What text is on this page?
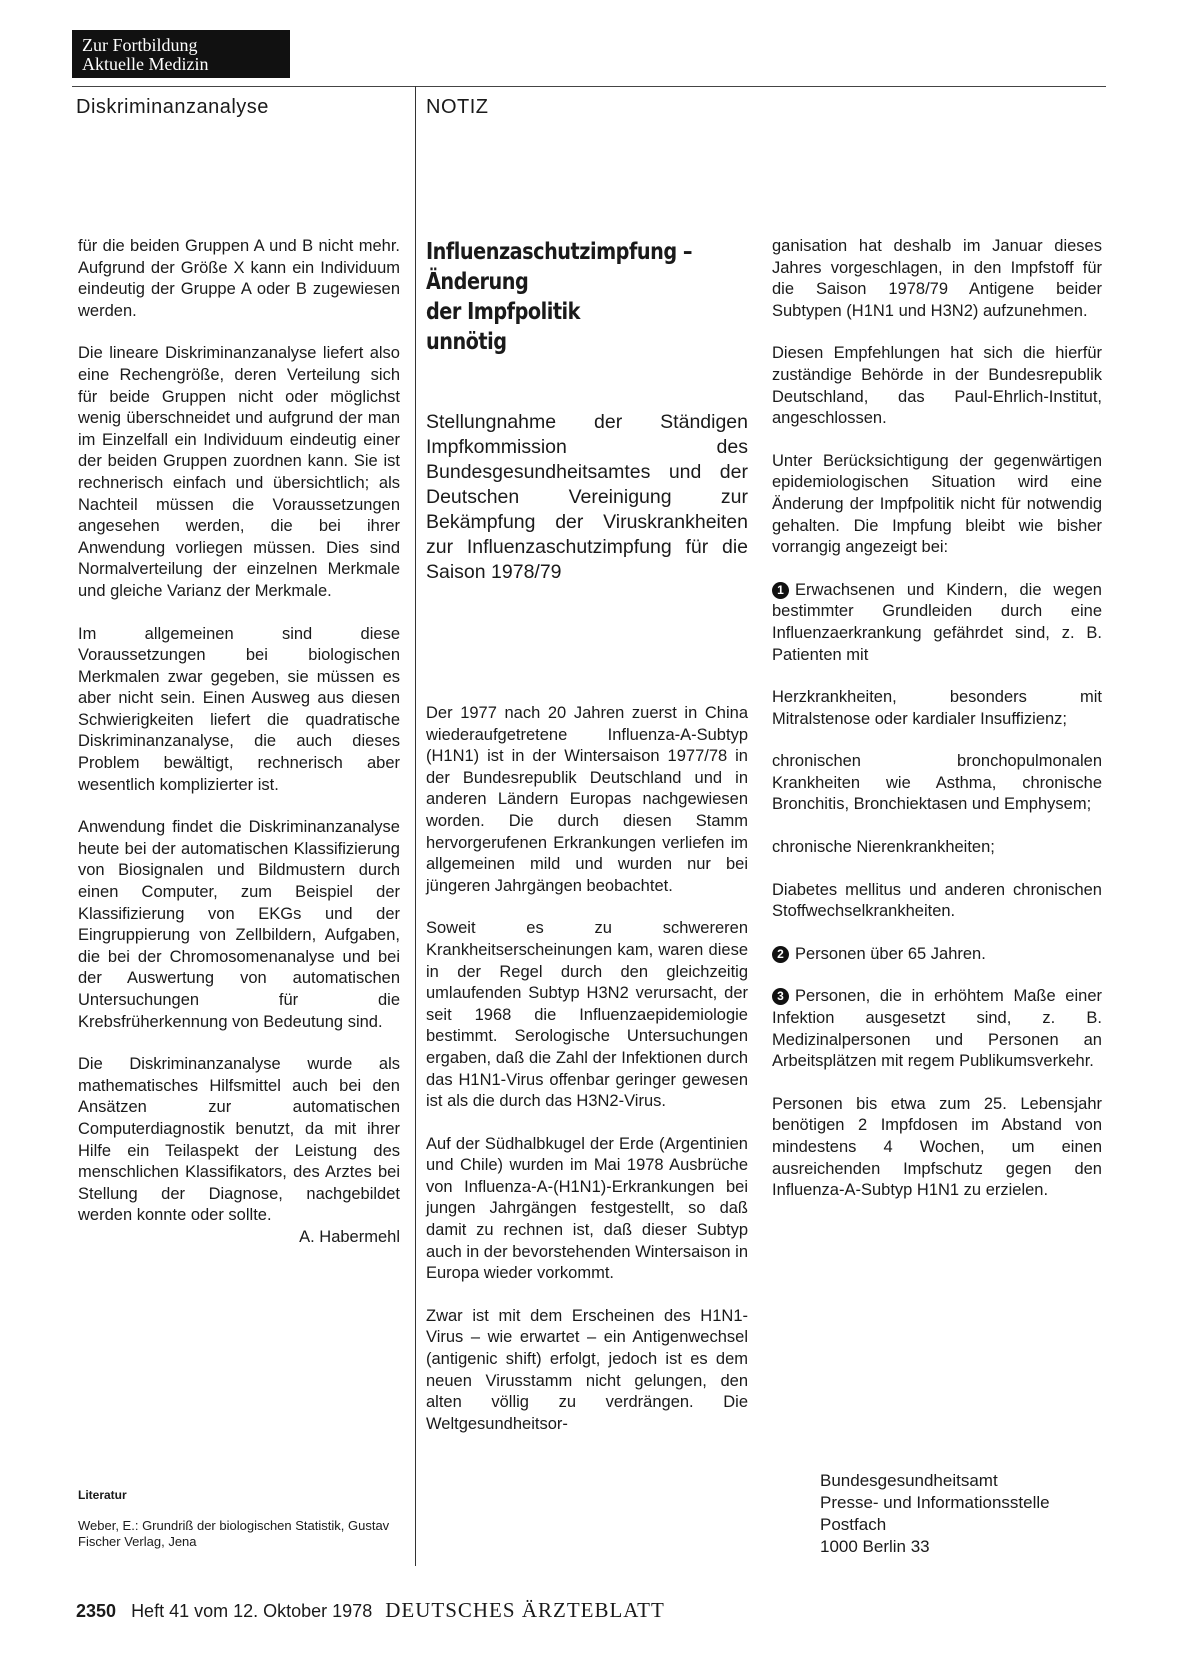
Zur Fortbildung
Aktuelle Medizin
Diskriminanzanalyse	NOTIZ

für die beiden Gruppen A und B nicht mehr. Aufgrund der Größe X kann ein Individuum eindeutig der Gruppe A oder B zugewiesen werden.

Die lineare Diskriminanzanalyse liefert also eine Rechengröße, deren Verteilung sich für beide Gruppen nicht oder möglichst wenig überschneidet und aufgrund der man im Einzelfall ein Individuum eindeutig einer der beiden Gruppen zuordnen kann. Sie ist rechnerisch einfach und übersichtlich; als Nachteil müssen die Voraussetzungen angesehen werden, die bei ihrer Anwendung vorliegen müssen. Dies sind Normalverteilung der einzelnen Merkmale und gleiche Varianz der Merkmale.

Im allgemeinen sind diese Voraussetzungen bei biologischen Merkmalen zwar gegeben, sie müssen es aber nicht sein. Einen Ausweg aus diesen Schwierigkeiten liefert die quadratische Diskriminanzanalyse, die auch dieses Problem bewältigt, rechnerisch aber wesentlich komplizierter ist.

Anwendung findet die Diskriminanzanalyse heute bei der automatischen Klassifizierung von Biosignalen und Bildmustern durch einen Computer, zum Beispiel der Klassifizierung von EKGs und der Eingruppierung von Zellbildern, Aufgaben, die bei der Chromosomenanalyse und bei der Auswertung von automatischen Untersuchungen für die Krebsfrüherkennung von Bedeutung sind.

Die Diskriminanzanalyse wurde als mathematisches Hilfsmittel auch bei den Ansätzen zur automatischen Computerdiagnostik benutzt, da mit ihrer Hilfe ein Teilaspekt der Leistung des menschlichen Klassifikators, des Arztes bei Stellung der Diagnose, nachgebildet werden konnte oder sollte.

A. Habermehl
Literatur
Weber, E.: Grundriß der biologischen Statistik, Gustav Fischer Verlag, Jena
Influenzaschutzimpfung –
Änderung
der Impfpolitik
unnötig
Stellungnahme der Ständigen Impfkommission des Bundesgesundheitsamtes und der Deutschen Vereinigung zur Bekämpfung der Viruskrankheiten zur Influenzaschutzimpfung für die Saison 1978/79

Der 1977 nach 20 Jahren zuerst in China wiederaufgetretene Influenza-A-Subtyp (H1N1) ist in der Wintersaison 1977/78 in der Bundesrepublik Deutschland und in anderen Ländern Europas nachgewiesen worden. Die durch diesen Stamm hervorgerufenen Erkrankungen verliefen im allgemeinen mild und wurden nur bei jüngeren Jahrgängen beobachtet.

Soweit es zu schwereren Krankheitserscheinungen kam, waren diese in der Regel durch den gleichzeitig umlaufenden Subtyp H3N2 verursacht, der seit 1968 die Influenzaepidemiologie bestimmt. Serologische Untersuchungen ergaben, daß die Zahl der Infektionen durch das H1N1-Virus offenbar geringer gewesen ist als die durch das H3N2-Virus.

Auf der Südhalbkugel der Erde (Argentinien und Chile) wurden im Mai 1978 Ausbrüche von Influenza-A-(H1N1)-Erkrankungen bei jungen Jahrgängen festgestellt, so daß damit zu rechnen ist, daß dieser Subtyp auch in der bevorstehenden Wintersaison in Europa wieder vorkommt.

Zwar ist mit dem Erscheinen des H1N1-Virus – wie erwartet – ein Antigenwechsel (antigenic shift) erfolgt, jedoch ist es dem neuen Virusstamm nicht gelungen, den alten völlig zu verdrängen. Die Weltgesundheitsor-

ganisation hat deshalb im Januar dieses Jahres vorgeschlagen, in den Impfstoff für die Saison 1978/79 Antigene beider Subtypen (H1N1 und H3N2) aufzunehmen.

Diesen Empfehlungen hat sich die hierfür zuständige Behörde in der Bundesrepublik Deutschland, das Paul-Ehrlich-Institut, angeschlossen.

Unter Berücksichtigung der gegenwärtigen epidemiologischen Situation wird eine Änderung der Impfpolitik nicht für notwendig gehalten. Die Impfung bleibt wie bisher vorrangig angezeigt bei:

1 Erwachsenen und Kindern, die wegen bestimmter Grundleiden durch eine Influenzaerkrankung gefährdet sind, z. B. Patienten mit

Herzkrankheiten, besonders mit Mitralstenose oder kardialer Insuffizienz;

chronischen bronchopulmonalen Krankheiten wie Asthma, chronische Bronchitis, Bronchiektasen und Emphysem;

chronische Nierenkrankheiten;

Diabetes mellitus und anderen chronischen Stoffwechselkrankheiten.

2 Personen über 65 Jahren.

3 Personen, die in erhöhtem Maße einer Infektion ausgesetzt sind, z. B. Medizinalpersonen und Personen an Arbeitsplätzen mit regem Publikumsverkehr.

Personen bis etwa zum 25. Lebensjahr benötigen 2 Impfdosen im Abstand von mindestens 4 Wochen, um einen ausreichenden Impfschutz gegen den Influenza-A-Subtyp H1N1 zu erzielen.

Bundesgesundheitsamt
Presse- und Informationsstelle
Postfach
1000 Berlin 33
2350 Heft 41 vom 12. Oktober 1978 DEUTSCHES ÄRZTEBLATT
